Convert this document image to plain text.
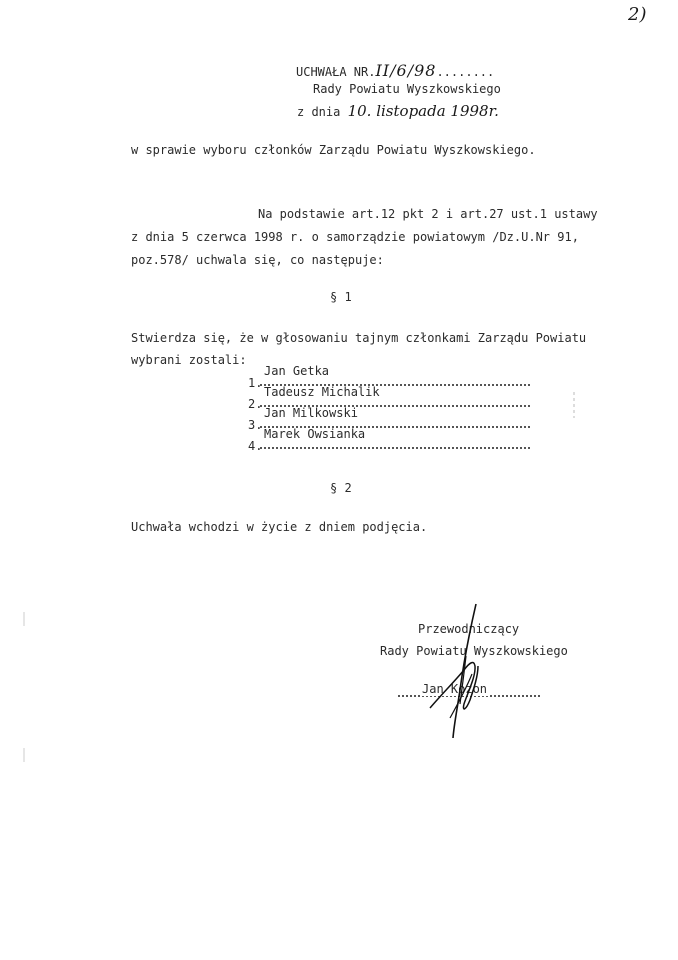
2)
UCHWAŁA NR.II/6/98........
Rady Powiatu Wyszkowskiego
z dnia 10. listopada 1998r.
w sprawie wyboru członków Zarządu Powiatu Wyszkowskiego.
Na podstawie art.12 pkt 2 i art.27 ust.1 ustawy
z dnia 5 czerwca 1998 r. o samorządzie powiatowym /Dz.U.Nr 91,
poz.578/ uchwala się, co następuje:
§ 1
Stwierdza się, że w głosowaniu tajnym członkami Zarządu Powiatu
wybrani zostali:
1.
Jan Getka
2.
Tadeusz Michalik
3.
Jan Milkowski
4.
Marek Owsianka
§ 2
Uchwała wchodzi w życie z dniem podjęcia.
Przewodniczący
Rady Powiatu Wyszkowskiego
Jan Kozon
